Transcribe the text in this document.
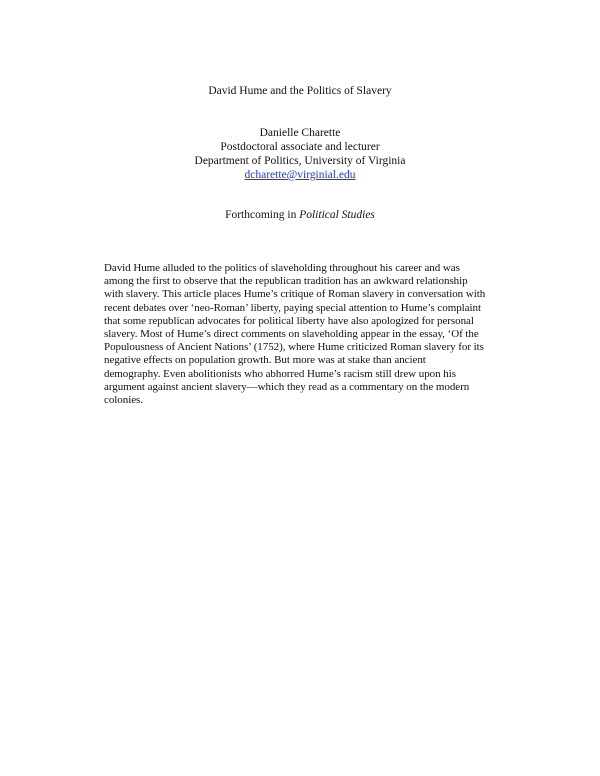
David Hume and the Politics of Slavery
Danielle Charette
Postdoctoral associate and lecturer
Department of Politics, University of Virginia
dcharette@virginial.edu
Forthcoming in Political Studies
David Hume alluded to the politics of slaveholding throughout his career and was
among the first to observe that the republican tradition has an awkward relationship
with slavery. This article places Hume’s critique of Roman slavery in conversation with
recent debates over ‘neo-Roman’ liberty, paying special attention to Hume’s complaint
that some republican advocates for political liberty have also apologized for personal
slavery. Most of Hume’s direct comments on slaveholding appear in the essay, ‘Of the
Populousness of Ancient Nations’ (1752), where Hume criticized Roman slavery for its
negative effects on population growth. But more was at stake than ancient
demography. Even abolitionists who abhorred Hume’s racism still drew upon his
argument against ancient slavery—which they read as a commentary on the modern
colonies.
